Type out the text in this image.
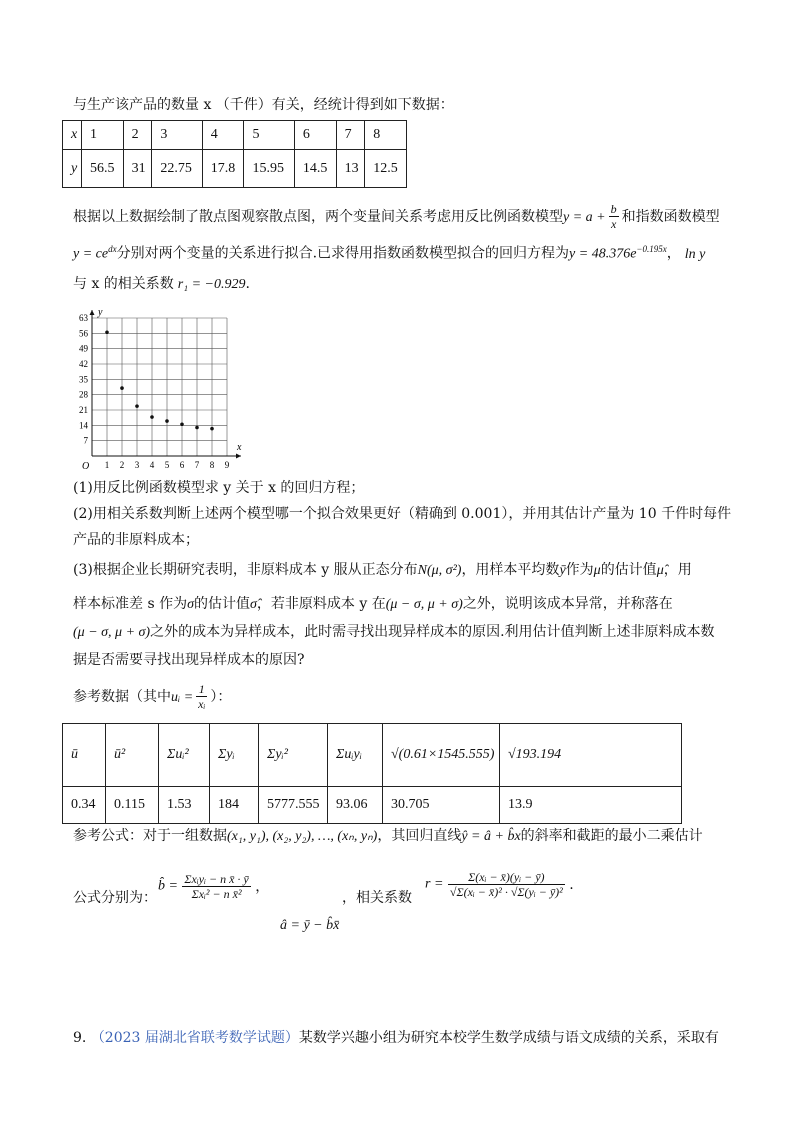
与生产该产品的数量 x （千件）有关，经统计得到如下数据：
x	1	2	3	4	5	6	7	8
y	56.5	31	22.75	17.8	15.95	14.5	13	12.5
根据以上数据绘制了散点图观察散点图，两个变量间关系考虑用反比例函数模型$y = a + \frac{b}{x}$ 和指数函数模型
$y = ce^{dx}$分别对两个变量的关系进行拟合.已求得用指数函数模型拟合的回归方程为$y = 48.376e^{-0.195x}$， ln y
与 x 的相关系数 r₁ = −0.929.
1 2 3 4 5 6 7 8 9
7
14
21
28
35
42
49
56
63
x
y
O
(1)用反比例函数模型求 y 关于 x 的回归方程；
(2)用相关系数判断上述两个模型哪一个拟合效果更好（精确到 0.001），并用其估计产量为 10 千件时每件
产品的非原料成本；
(3)根据企业长期研究表明，非原料成本 y 服从正态分布N(μ, σ²)，用样本平均数ȳ作为μ的估计值μ̂，用
样本标准差 s 作为σ的估计值σ̂，若非原料成本 y 在(μ − σ, μ + σ)之外，说明该成本异常，并称落在
(μ − σ, μ + σ)之外的成本为异样成本，此时需寻找出现异样成本的原因.利用估计值判断上述非原料成本数
据是否需要寻找出现异样成本的原因?
参考数据（其中uᵢ = $\frac{1}{\text{xᵢ}}$ ）：
ū	ū²	Σuᵢ²	Σyᵢ	Σyᵢ²	Σuᵢyᵢ	√(0.61×1545.555)	√193.194
0.34	0.115	1.53	184	5777.555	93.06	30.705	13.9
参考公式：对于一组数据(x₁, y₁), (x₂, y₂), …, (xₙ, yₙ)，其回归直线ŷ = â + b̂x的斜率和截距的最小二乘估计
公式分别为：
b̂ = $\frac{\text{Σxᵢyᵢ − n x̄ · ȳ}}{\text{Σxᵢ² − n x̄²}}$ ，
â = ȳ − b̂x̄
，相关系数
$r = \frac{\text{Σ(xᵢ − x̄)(yᵢ − ȳ)}}{\text{√Σ(xᵢ − x̄)² · √Σ(yᵢ − ȳ)²}}$ .
9. （2023 届湖北省联考数学试题）某数学兴趣小组为研究本校学生数学成绩与语文成绩的关系，采取有
